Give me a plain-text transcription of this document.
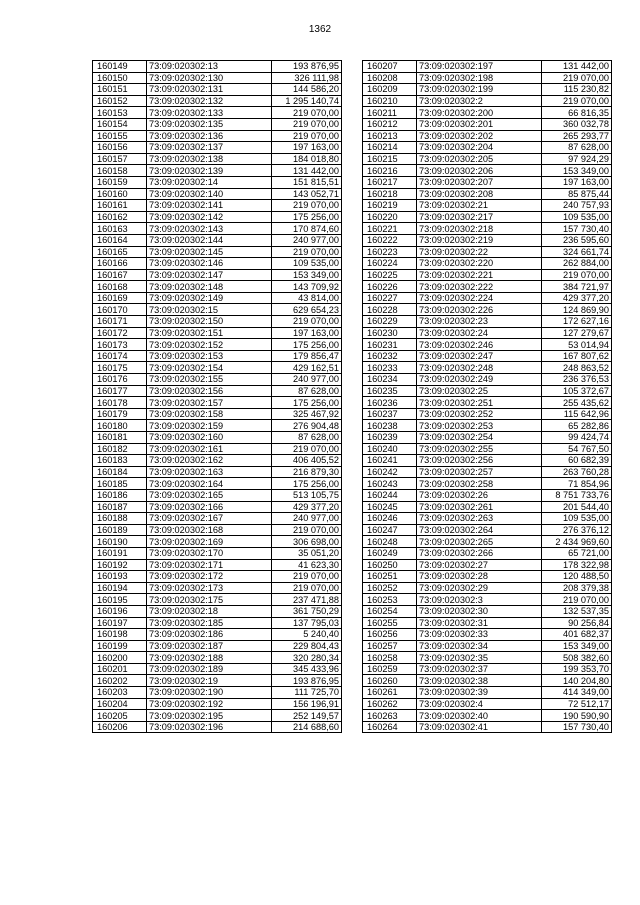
1362
160149	73:09:020302:13	193 876,95
160150	73:09:020302:130	326 111,98
160151	73:09:020302:131	144 586,20
160152	73:09:020302:132	1 295 140,74
160153	73:09:020302:133	219 070,00
160154	73:09:020302:135	219 070,00
160155	73:09:020302:136	219 070,00
160156	73:09:020302:137	197 163,00
160157	73:09:020302:138	184 018,80
160158	73:09:020302:139	131 442,00
160159	73:09:020302:14	151 815,51
160160	73:09:020302:140	143 052,71
160161	73:09:020302:141	219 070,00
160162	73:09:020302:142	175 256,00
160163	73:09:020302:143	170 874,60
160164	73:09:020302:144	240 977,00
160165	73:09:020302:145	219 070,00
160166	73:09:020302:146	109 535,00
160167	73:09:020302:147	153 349,00
160168	73:09:020302:148	143 709,92
160169	73:09:020302:149	43 814,00
160170	73:09:020302:15	629 654,23
160171	73:09:020302:150	219 070,00
160172	73:09:020302:151	197 163,00
160173	73:09:020302:152	175 256,00
160174	73:09:020302:153	179 856,47
160175	73:09:020302:154	429 162,51
160176	73:09:020302:155	240 977,00
160177	73:09:020302:156	87 628,00
160178	73:09:020302:157	175 256,00
160179	73:09:020302:158	325 467,92
160180	73:09:020302:159	276 904,48
160181	73:09:020302:160	87 628,00
160182	73:09:020302:161	219 070,00
160183	73:09:020302:162	406 405,52
160184	73:09:020302:163	216 879,30
160185	73:09:020302:164	175 256,00
160186	73:09:020302:165	513 105,75
160187	73:09:020302:166	429 377,20
160188	73:09:020302:167	240 977,00
160189	73:09:020302:168	219 070,00
160190	73:09:020302:169	306 698,00
160191	73:09:020302:170	35 051,20
160192	73:09:020302:171	41 623,30
160193	73:09:020302:172	219 070,00
160194	73:09:020302:173	219 070,00
160195	73:09:020302:175	237 471,88
160196	73:09:020302:18	361 750,29
160197	73:09:020302:185	137 795,03
160198	73:09:020302:186	5 240,40
160199	73:09:020302:187	229 804,43
160200	73:09:020302:188	320 280,34
160201	73:09:020302:189	345 433,96
160202	73:09:020302:19	193 876,95
160203	73:09:020302:190	111 725,70
160204	73:09:020302:192	156 196,91
160205	73:09:020302:195	252 149,57
160206	73:09:020302:196	214 688,60
160207	73:09:020302:197	131 442,00
160208	73:09:020302:198	219 070,00
160209	73:09:020302:199	115 230,82
160210	73:09:020302:2	219 070,00
160211	73:09:020302:200	66 816,35
160212	73:09:020302:201	360 032,78
160213	73:09:020302:202	265 293,77
160214	73:09:020302:204	87 628,00
160215	73:09:020302:205	97 924,29
160216	73:09:020302:206	153 349,00
160217	73:09:020302:207	197 163,00
160218	73:09:020302:208	85 875,44
160219	73:09:020302:21	240 757,93
160220	73:09:020302:217	109 535,00
160221	73:09:020302:218	157 730,40
160222	73:09:020302:219	236 595,60
160223	73:09:020302:22	324 661,74
160224	73:09:020302:220	262 884,00
160225	73:09:020302:221	219 070,00
160226	73:09:020302:222	384 721,97
160227	73:09:020302:224	429 377,20
160228	73:09:020302:226	124 869,90
160229	73:09:020302:23	172 627,16
160230	73:09:020302:24	127 279,67
160231	73:09:020302:246	53 014,94
160232	73:09:020302:247	167 807,62
160233	73:09:020302:248	248 863,52
160234	73:09:020302:249	236 376,53
160235	73:09:020302:25	105 372,67
160236	73:09:020302:251	255 435,62
160237	73:09:020302:252	115 642,96
160238	73:09:020302:253	65 282,86
160239	73:09:020302:254	99 424,74
160240	73:09:020302:255	54 767,50
160241	73:09:020302:256	60 682,39
160242	73:09:020302:257	263 760,28
160243	73:09:020302:258	71 854,96
160244	73:09:020302:26	8 751 733,76
160245	73:09:020302:261	201 544,40
160246	73:09:020302:263	109 535,00
160247	73:09:020302:264	276 376,12
160248	73:09:020302:265	2 434 969,60
160249	73:09:020302:266	65 721,00
160250	73:09:020302:27	178 322,98
160251	73:09:020302:28	120 488,50
160252	73:09:020302:29	208 379,38
160253	73:09:020302:3	219 070,00
160254	73:09:020302:30	132 537,35
160255	73:09:020302:31	90 256,84
160256	73:09:020302:33	401 682,37
160257	73:09:020302:34	153 349,00
160258	73:09:020302:35	508 382,60
160259	73:09:020302:37	199 353,70
160260	73:09:020302:38	140 204,80
160261	73:09:020302:39	414 349,00
160262	73:09:020302:4	72 512,17
160263	73:09:020302:40	190 590,90
160264	73:09:020302:41	157 730,40
